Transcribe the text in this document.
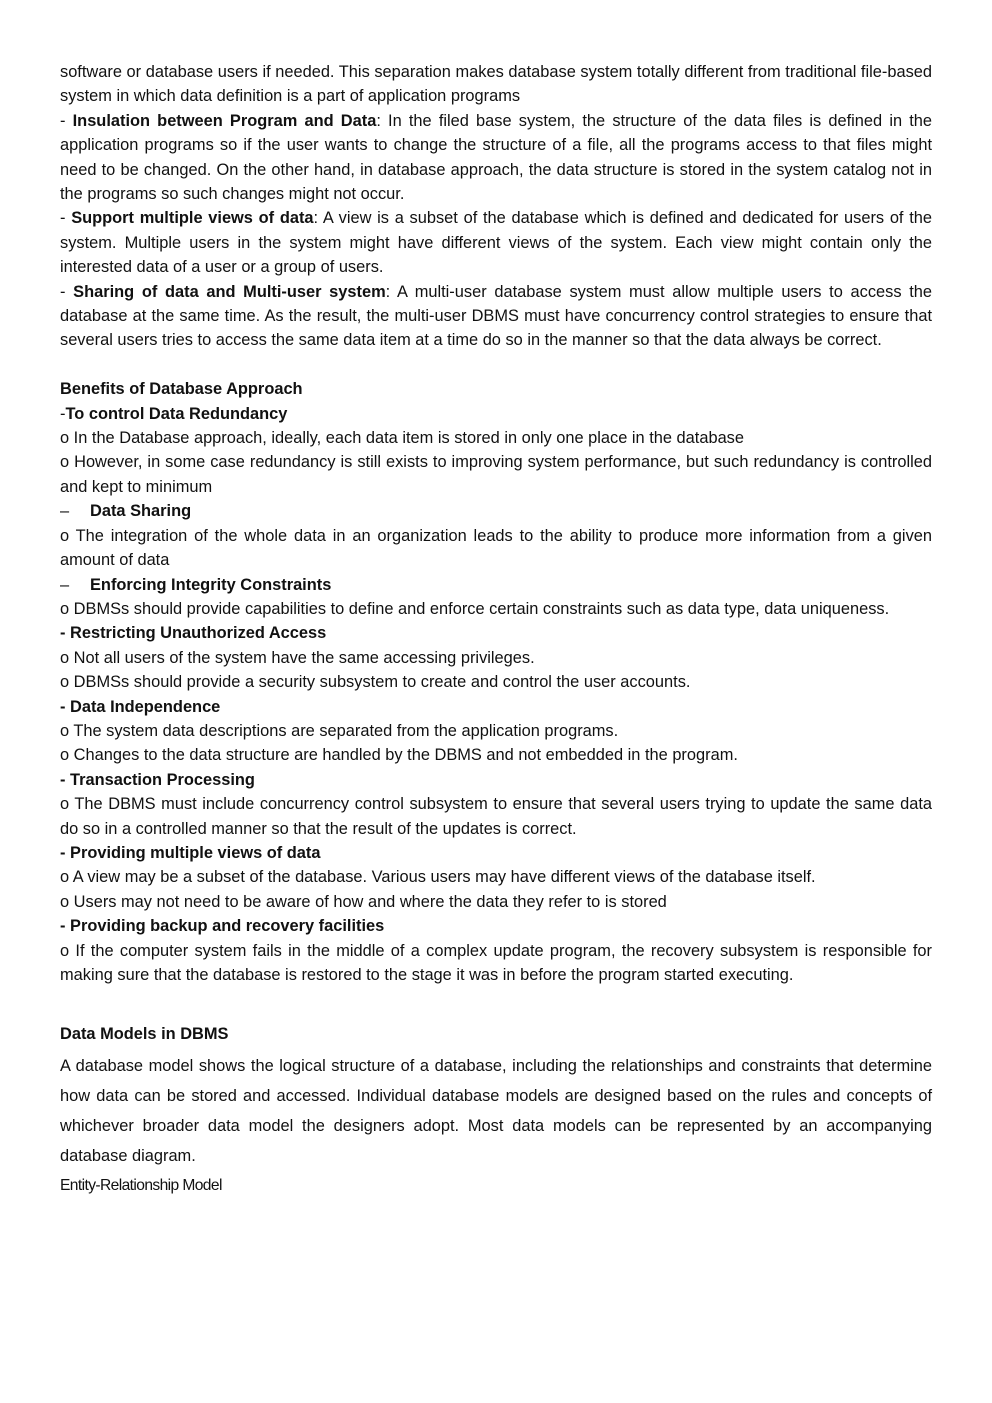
software or database users if needed. This separation makes database system totally different from traditional file-based system in which data definition is a part of application programs

- Insulation between Program and Data: In the filed base system, the structure of the data files is defined in the application programs so if the user wants to change the structure of a file, all the programs access to that files might need to be changed. On the other hand, in database approach, the data structure is stored in the system catalog not in the programs so such changes might not occur.

- Support multiple views of data: A view is a subset of the database which is defined and dedicated for users of the system. Multiple users in the system might have different views of the system. Each view might contain only the interested data of a user or a group of users.

- Sharing of data and Multi-user system: A multi-user database system must allow multiple users to access the database at the same time. As the result, the multi-user DBMS must have concurrency control strategies to ensure that several users tries to access the same data item at a time do so in the manner so that the data always be correct.

Benefits of Database Approach

-To control Data Redundancy

o In the Database approach, ideally, each data item is stored in only one place in the database

o However, in some case redundancy is still exists to improving system performance, but such redundancy is controlled and kept to minimum

– Data Sharing

o The integration of the whole data in an organization leads to the ability to produce more information from a given amount of data

– Enforcing Integrity Constraints

o DBMSs should provide capabilities to define and enforce certain constraints such as data type, data uniqueness.

- Restricting Unauthorized Access

o Not all users of the system have the same accessing privileges.

o DBMSs should provide a security subsystem to create and control the user accounts.

- Data Independence

o The system data descriptions are separated from the application programs.

o Changes to the data structure are handled by the DBMS and not embedded in the program.

- Transaction Processing

o The DBMS must include concurrency control subsystem to ensure that several users trying to update the same data do so in a controlled manner so that the result of the updates is correct.

- Providing multiple views of data

o A view may be a subset of the database. Various users may have different views of the database itself.

o Users may not need to be aware of how and where the data they refer to is stored

- Providing backup and recovery facilities

o If the computer system fails in the middle of a complex update program, the recovery subsystem is responsible for making sure that the database is restored to the stage it was in before the program started executing.

Data Models in DBMS

A database model shows the logical structure of a database, including the relationships and constraints that determine how data can be stored and accessed. Individual database models are designed based on the rules and concepts of whichever broader data model the designers adopt. Most data models can be represented by an accompanying database diagram.

Entity-Relationship Model
